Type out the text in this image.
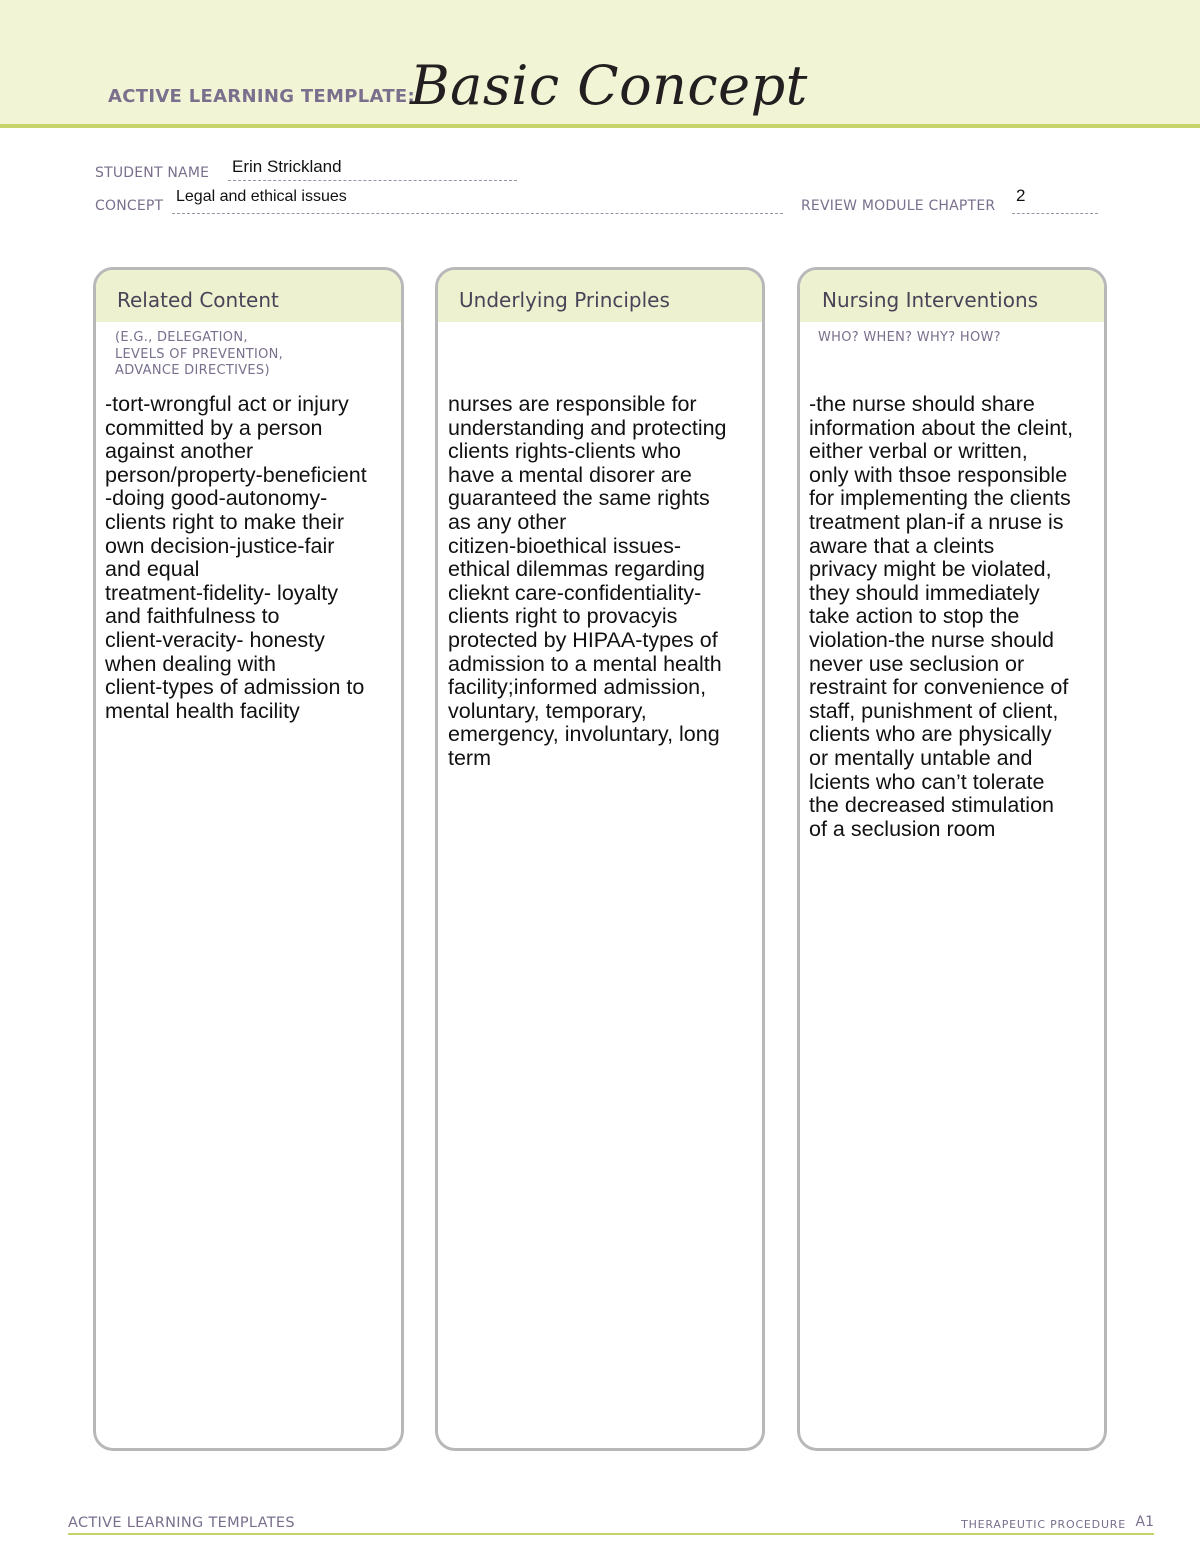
ACTIVE LEARNING TEMPLATE:
Basic Concept
STUDENT NAME Erin Strickland
CONCEPT
Legal and ethical issues
REVIEW MODULE CHAPTER
2
Related Content
(E.G., DELEGATION,
LEVELS OF PREVENTION,
ADVANCE DIRECTIVES)
-tort-wrongful act or injury
committed by a person
against another
person/property-beneficient
-doing good-autonomy-
clients right to make their
own decision-justice-fair
and equal
treatment-fidelity- loyalty
and faithfulness to
client-veracity- honesty
when dealing with
client-types of admission to
mental health facility
Underlying Principles
nurses are responsible for
understanding and protecting
clients rights-clients who
have a mental disorer are
guaranteed the same rights
as any other
citizen-bioethical issues-
ethical dilemmas regarding
clieknt care-confidentiality-
clients right to provacyis
protected by HIPAA-types of
admission to a mental health
facility;informed admission,
voluntary, temporary,
emergency, involuntary, long
term
Nursing Interventions
WHO? WHEN? WHY? HOW?
-the nurse should share
information about the cleint,
either verbal or written,
only with thsoe responsible
for implementing the clients
treatment plan-if a nruse is
aware that a cleints
privacy might be violated,
they should immediately
take action to stop the
violation-the nurse should
never use seclusion or
restraint for convenience of
staff, punishment of client,
clients who are physically
or mentally untable and
lcients who can’t tolerate
the decreased stimulation
of a seclusion room
ACTIVE LEARNING TEMPLATES	THERAPEUTIC PROCEDURE A1
